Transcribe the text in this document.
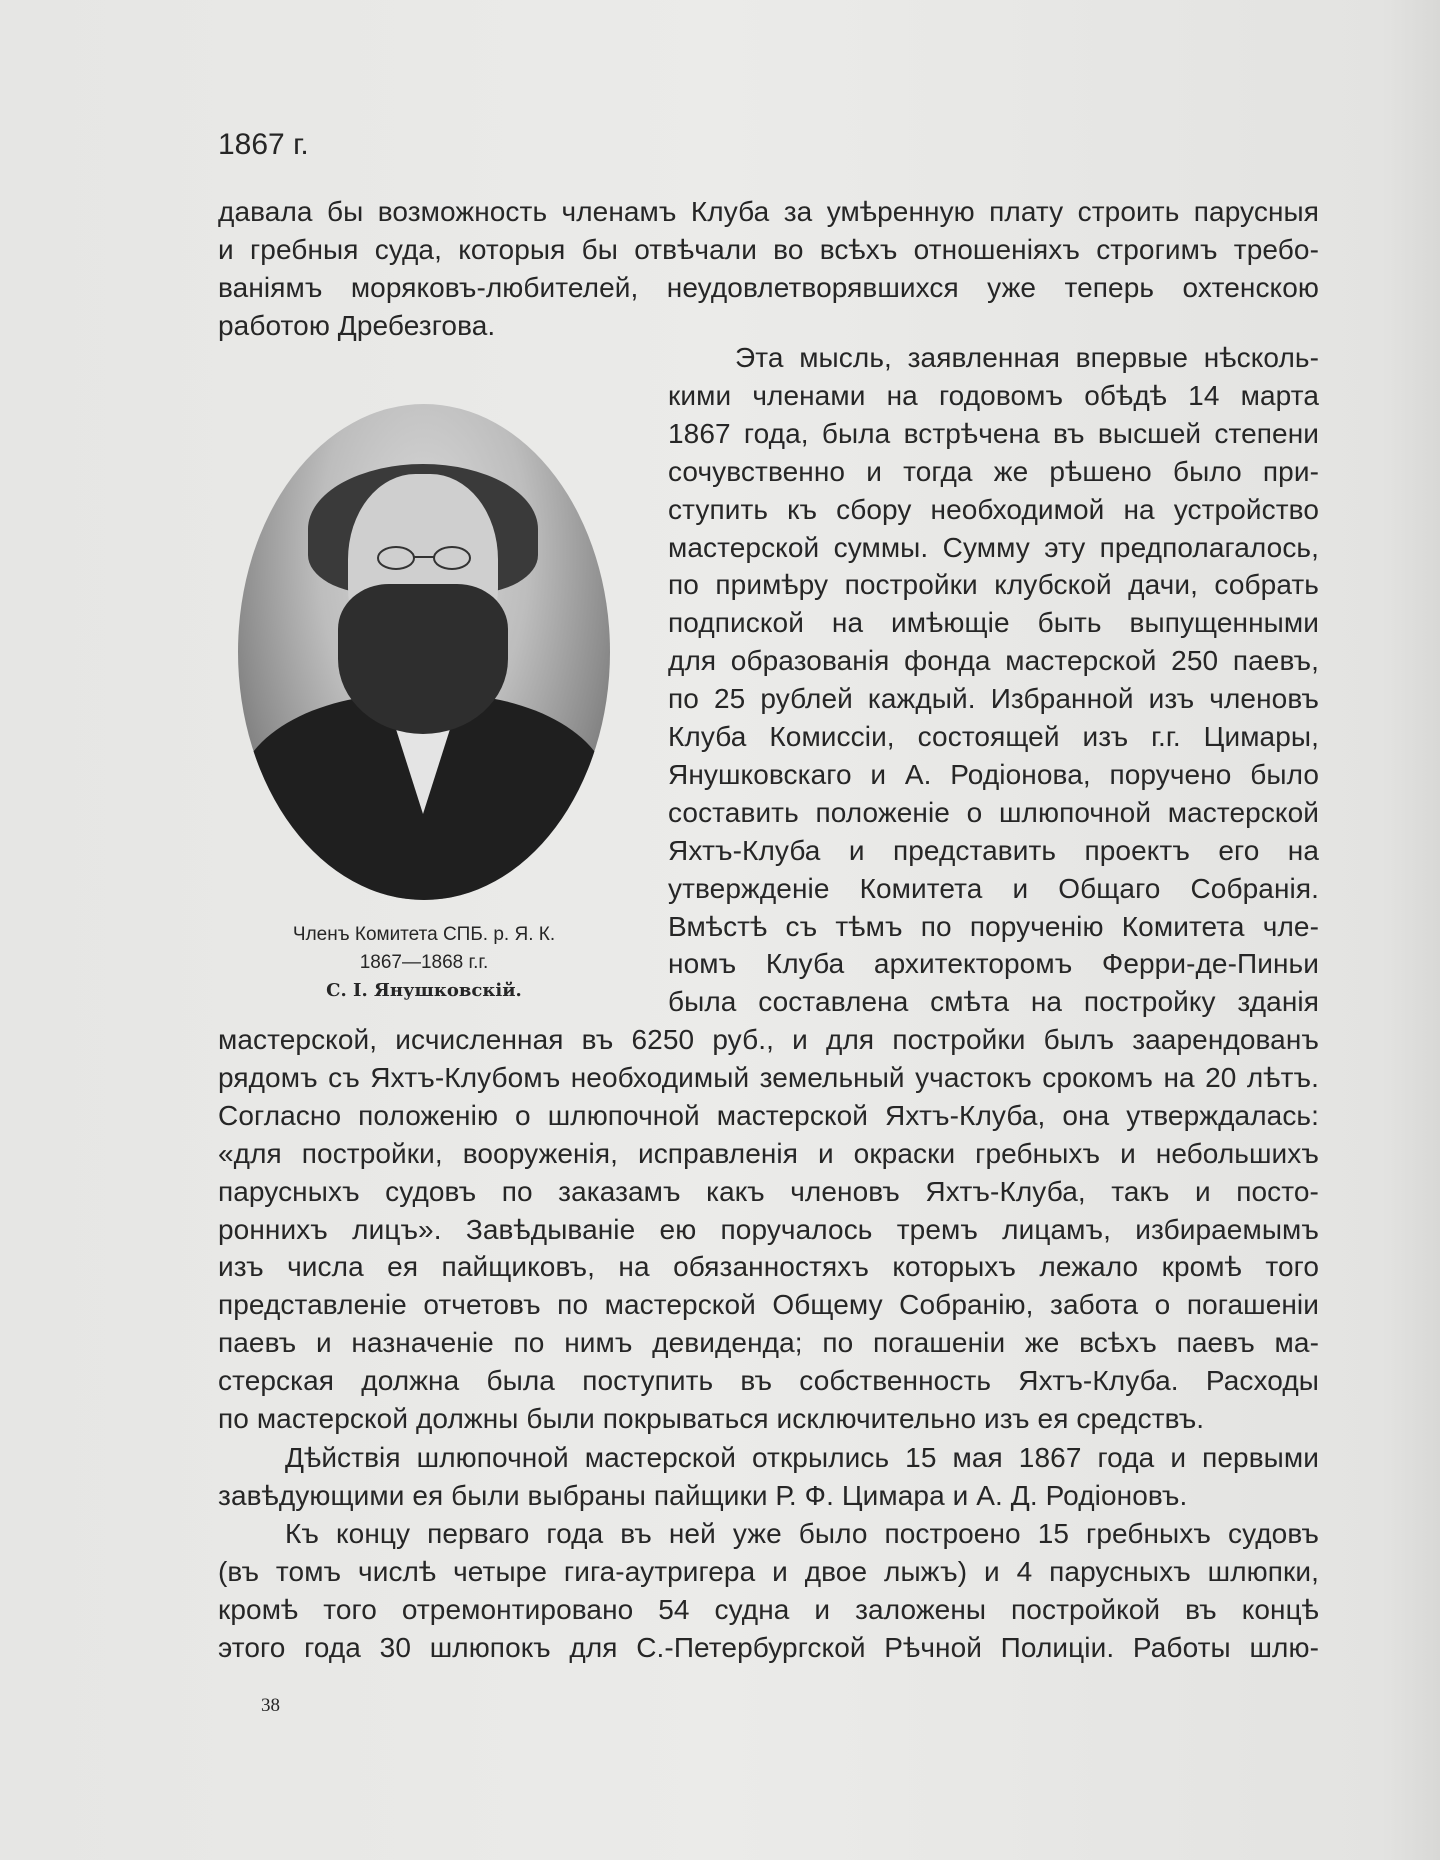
1867 г.
Членъ Комитета СПБ. р. Я. К.
1867—1868 г.г.
С. І. Янушковскій.
давала бы возможность членамъ Клуба за умѣренную плату строить парусныя
и гребныя суда, которыя бы отвѣчали во всѣхъ отношеніяхъ строгимъ требо-
ваніямъ моряковъ-любителей, неудовлетворявшихся уже теперь охтенскою
работою Дребезгова.
Эта мысль, заявленная впервые нѣсколь-
кими членами на годовомъ обѣдѣ 14 марта
1867 года, была встрѣчена въ высшей степени
сочувственно и тогда же рѣшено было при-
ступить къ сбору необходимой на устройство
мастерской суммы. Сумму эту предполагалось,
по примѣру постройки клубской дачи, собрать
подпиской на имѣющіе быть выпущенными
для образованія фонда мастерской 250 паевъ,
по 25 рублей каждый. Избранной изъ членовъ
Клуба Комиссіи, состоящей изъ г.г. Цимары,
Янушковскаго и А. Родіонова, поручено было
составить положеніе о шлюпочной мастерской
Яхтъ-Клуба и представить проектъ его на
утвержденіе Комитета и Общаго Собранія.
Вмѣстѣ съ тѣмъ по порученію Комитета чле-
номъ Клуба архитекторомъ Ферри-де-Пиньи
была составлена смѣта на постройку зданія
мастерской, исчисленная въ 6250 руб., и для постройки былъ заарендованъ
рядомъ съ Яхтъ-Клубомъ необходимый земельный участокъ срокомъ на 20 лѣтъ.
Согласно положенію о шлюпочной мастерской Яхтъ-Клуба, она утверждалась:
«для постройки, вооруженія, исправленія и окраски гребныхъ и небольшихъ
парусныхъ судовъ по заказамъ какъ членовъ Яхтъ-Клуба, такъ и посто-
роннихъ лицъ». Завѣдываніе ею поручалось тремъ лицамъ, избираемымъ
изъ числа ея пайщиковъ, на обязанностяхъ которыхъ лежало кромѣ того
представленіе отчетовъ по мастерской Общему Собранію, забота о погашеніи
паевъ и назначеніе по нимъ девиденда; по погашеніи же всѣхъ паевъ ма-
стерская должна была поступить въ собственность Яхтъ-Клуба. Расходы
по мастерской должны были покрываться исключительно изъ ея средствъ.
Дѣйствія шлюпочной мастерской открылись 15 мая 1867 года и первыми
завѣдующими ея были выбраны пайщики Р. Ф. Цимара и А. Д. Родіоновъ.
Къ концу перваго года въ ней уже было построено 15 гребныхъ судовъ
(въ томъ числѣ четыре гига-аутригера и двое лыжъ) и 4 парусныхъ шлюпки,
кромѣ того отремонтировано 54 судна и заложены постройкой въ концѣ
этого года 30 шлюпокъ для С.-Петербургской Рѣчной Полиціи. Работы шлю-
38
